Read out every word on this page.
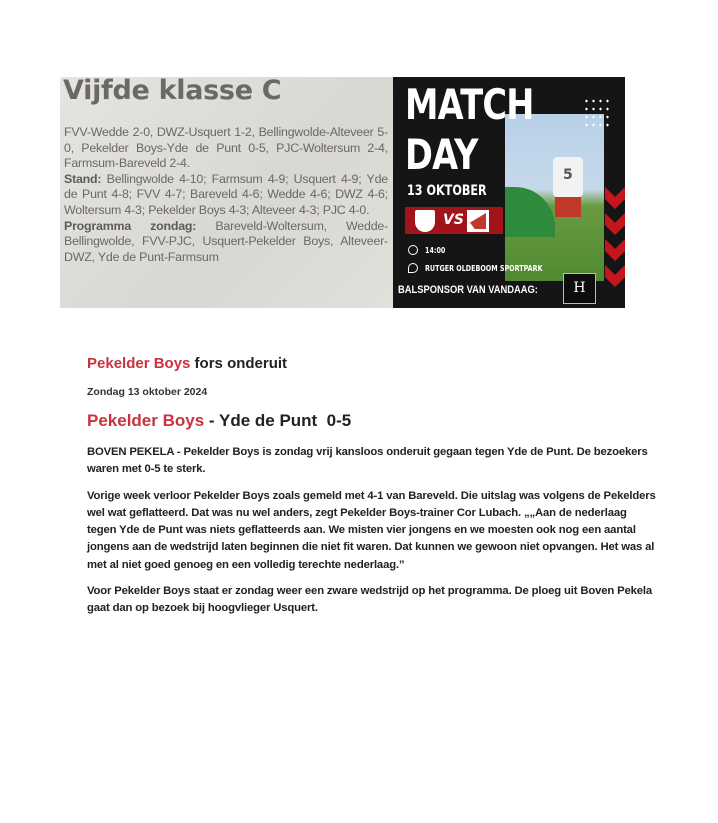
Vijfde klasse C
FVV-Wedde 2-0, DWZ-Usquert 1-2, Bellingwolde-Alteveer 5-0, Pekelder Boys-Yde de Punt 0-5, PJC-Woltersum 2-4, Farmsum-Bareveld 2-4.
Stand: Bellingwolde 4-10; Farmsum 4-9; Usquert 4-9; Yde de Punt 4-8; FVV 4-7; Bareveld 4-6; Wedde 4-6; DWZ 4-6; Woltersum 4-3; Pekelder Boys 4-3; Alteveer 4-3; PJC 4-0.
Programma zondag: Bareveld-Woltersum, Wedde-Bellingwolde, FVV-PJC, Usquert-Pekelder Boys, Alteveer-DWZ, Yde de Punt-Farmsum
5
MATCH
DAY
13 OKTOBER
VS
14:00
RUTGER OLDEBOOM SPORTPARK
BALSPONSOR VAN VANDAAG:	H
Pekelder Boys fors onderuit
Zondag 13 oktober 2024
Pekelder Boys - Yde de Punt  0-5

BOVEN PEKELA - Pekelder Boys is zondag vrij kansloos onderuit gegaan tegen Yde de Punt. De bezoekers waren met 0-5 te sterk.

Vorige week verloor Pekelder Boys zoals gemeld met 4-1 van Bareveld. Die uitslag was volgens de Pekelders wel wat geflatteerd. Dat was nu wel anders, zegt Pekelder Boys-trainer Cor Lubach. „„Aan de nederlaag tegen Yde de Punt was niets geflatteerds aan. We misten vier jongens en we moesten ook nog een aantal jongens aan de wedstrijd laten beginnen die niet fit waren. Dat kunnen we gewoon niet opvangen. Het was al met al niet goed genoeg en een volledig terechte nederlaag.”

Voor Pekelder Boys staat er zondag weer een zware wedstrijd op het programma. De ploeg uit Boven Pekela gaat dan op bezoek bij hoogvlieger Usquert.
